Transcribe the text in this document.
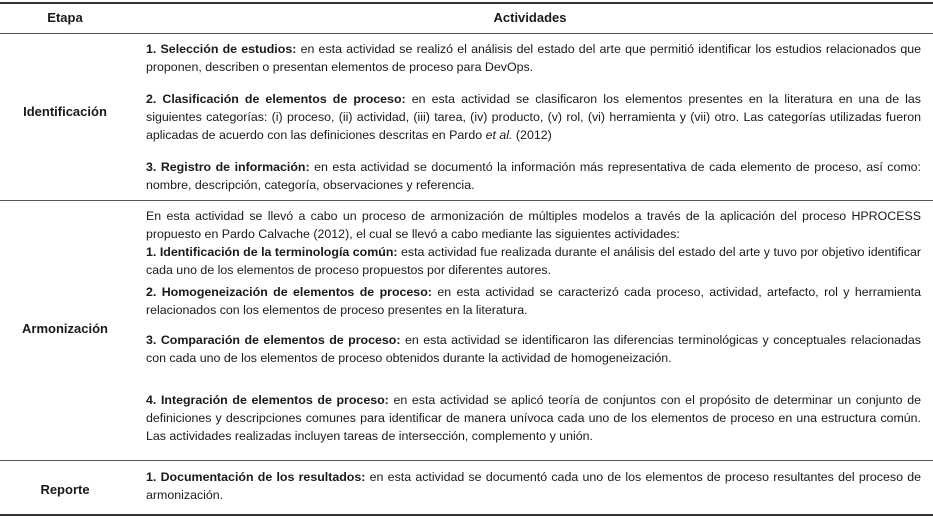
Etapa	Actividades
Identificación

1. Selección de estudios: en esta actividad se realizó el análisis del estado del arte que permitió identificar los estudios relacionados que proponen, describen o presentan elementos de proceso para DevOps.

2. Clasificación de elementos de proceso: en esta actividad se clasificaron los elementos presentes en la literatura en una de las siguientes categorías: (i) proceso, (ii) actividad, (iii) tarea, (iv) producto, (v) rol, (vi) herramienta y (vii) otro. Las categorías utilizadas fueron aplicadas de acuerdo con las definiciones descritas en Pardo et al. (2012)

3. Registro de información: en esta actividad se documentó la información más representativa de cada elemento de proceso, así como: nombre, descripción, categoría, observaciones y referencia.

Armonización

En esta actividad se llevó a cabo un proceso de armonización de múltiples modelos a través de la aplicación del proceso HPROCESS propuesto en Pardo Calvache (2012), el cual se llevó a cabo mediante las siguientes actividades:

1. Identificación de la terminología común: esta actividad fue realizada durante el análisis del estado del arte y tuvo por objetivo identificar cada uno de los elementos de proceso propuestos por diferentes autores.

2. Homogeneización de elementos de proceso: en esta actividad se caracterizó cada proceso, actividad, artefacto, rol y herramienta relacionados con los elementos de proceso presentes en la literatura.

3. Comparación de elementos de proceso: en esta actividad se identificaron las diferencias terminológicas y conceptuales relacionadas con cada uno de los elementos de proceso obtenidos durante la actividad de homogeneización.

4. Integración de elementos de proceso: en esta actividad se aplicó teoría de conjuntos con el propósito de determinar un conjunto de definiciones y descripciones comunes para identificar de manera unívoca cada uno de los elementos de proceso en una estructura común. Las actividades realizadas incluyen tareas de intersección, complemento y unión.

Reporte

1. Documentación de los resultados: en esta actividad se documentó cada uno de los elementos de proceso resultantes del proceso de armonización.
